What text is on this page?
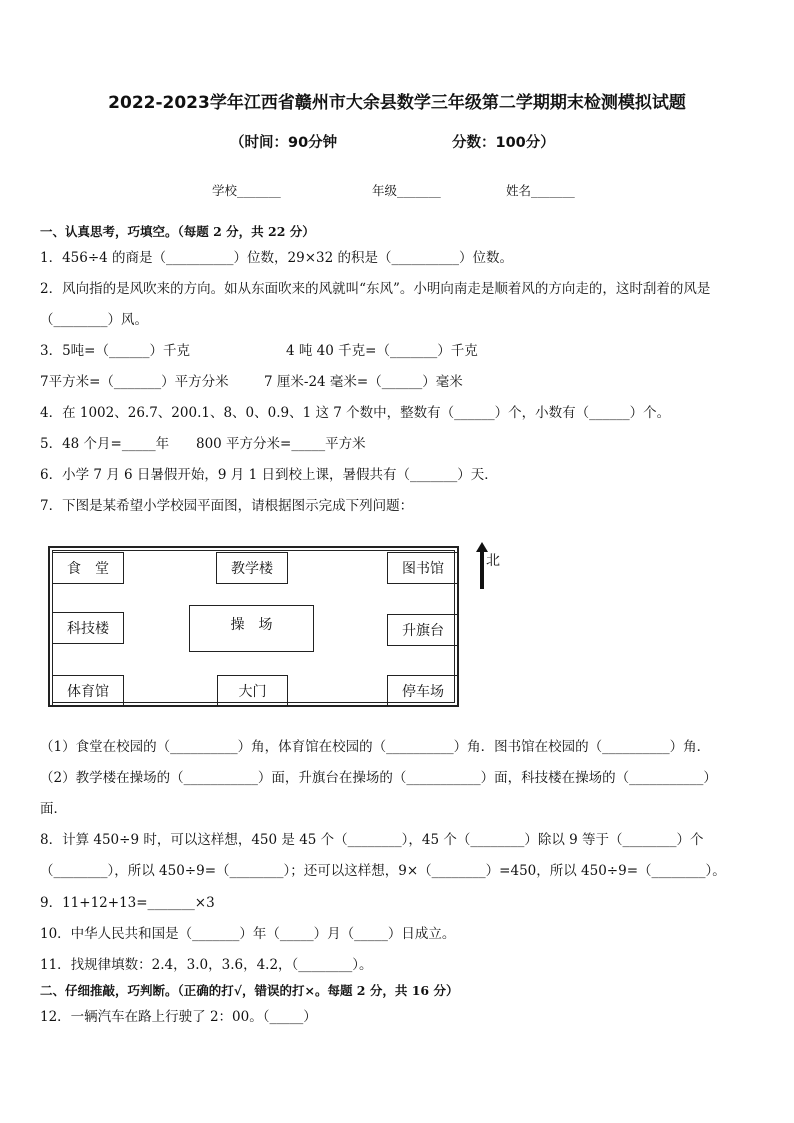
2022-2023学年江西省赣州市大余县数学三年级第二学期期末检测模拟试题
（时间：90分钟	分数：100分）
学校_______	年级_______	姓名_______
一、认真思考，巧填空。（每题 2 分，共 22 分）
1．456÷4 的商是（__________）位数，29×32 的积是（__________）位数。
2．风向指的是风吹来的方向。如从东面吹来的风就叫“东风”。小明向南走是顺着风的方向走的，这时刮着的风是
（________）风。
3．5吨=（______）千克	4 吨 40 千克=（_______）千克
7平方米=（_______）平方分米	7 厘米-24 毫米=（______）毫米
4．在 1002、26.7、200.1、8、0、0.9、1 这 7 个数中，整数有（______）个，小数有（______）个。
5．48 个月=_____年 800 平方分米=_____平方米
6．小学 7 月 6 日暑假开始，9 月 1 日到校上课，暑假共有（_______）天．
7．下图是某希望小学校园平面图，请根据图示完成下列问题：
食　堂	教学楼	图书馆
科技楼	操　场	升旗台
体育馆	大门	停车场
北
（1）食堂在校园的（__________）角，体育馆在校园的（__________）角．图书馆在校园的（__________）角．
（2）教学楼在操场的（___________）面，升旗台在操场的（___________）面，科技楼在操场的（___________）
面．
8．计算 450÷9 时，可以这样想，450 是 45 个（________），45 个（________）除以 9 等于（________）个
（________），所以 450÷9=（________）；还可以这样想，9×（________）=450，所以 450÷9=（________）。
9．11+12+13=_______×3
10．中华人民共和国是（_______）年（_____）月（_____）日成立。
11．找规律填数：2.4，3.0，3.6，4.2，（________）。
二、仔细推敲，巧判断。（正确的打√，错误的打×。每题 2 分，共 16 分）
12．一辆汽车在路上行驶了 2：00。（_____）
